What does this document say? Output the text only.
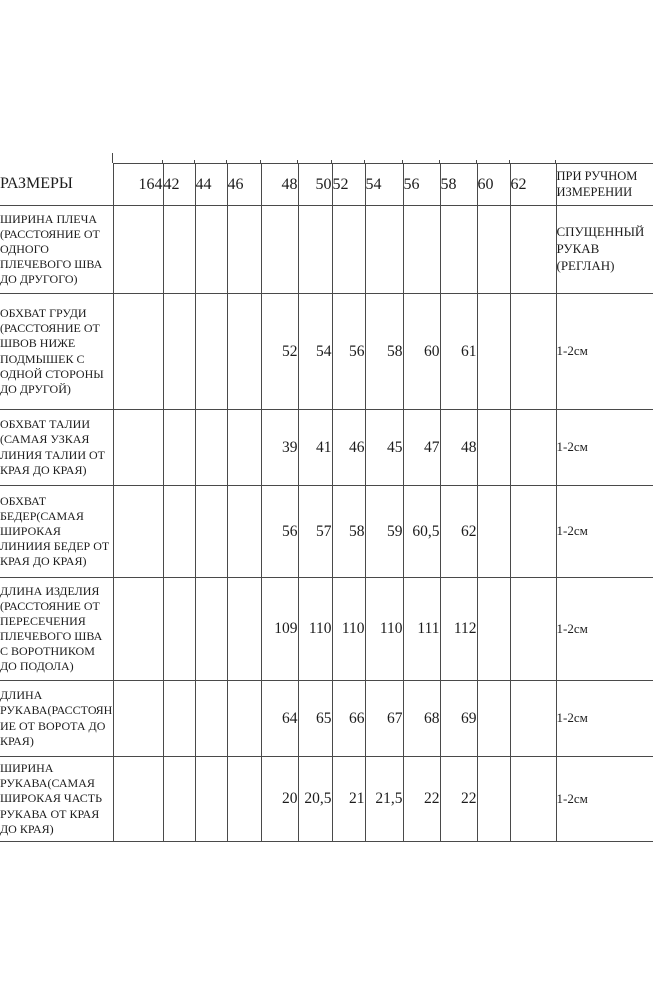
РАЗМЕРЫ	164	42	44	46	48	50	52	54	56	58	60	62	ПРИ РУЧНОМ ИЗМЕРЕНИИ
ШИРИНА ПЛЕЧА (РАССТОЯНИЕ ОТ ОДНОГО ПЛЕЧЕВОГО ШВА ДО ДРУГОГО)													СПУЩЕННЫЙ РУКАВ (РЕГЛАН)
ОБХВАТ ГРУДИ (РАССТОЯНИЕ ОТ ШВОВ НИЖЕ ПОДМЫШЕК С ОДНОЙ СТОРОНЫ ДО ДРУГОЙ)					52	54	56	58	60	61			1-2см
ОБХВАТ ТАЛИИ (САМАЯ УЗКАЯ ЛИНИЯ ТАЛИИ ОТ КРАЯ ДО КРАЯ)					39	41	46	45	47	48			1-2см
ОБХВАТ БЕДЕР(САМАЯ ШИРОКАЯ ЛИНИИЯ БЕДЕР ОТ КРАЯ ДО КРАЯ)					56	57	58	59	60,5	62			1-2см
ДЛИНА ИЗДЕЛИЯ (РАССТОЯНИЕ ОТ ПЕРЕСЕЧЕНИЯ ПЛЕЧЕВОГО ШВА С ВОРОТНИКОМ ДО ПОДОЛА)					109	110	110	110	111	112			1-2см
ДЛИНА РУКАВА(РАССТОЯНИЕ ОТ ВОРОТА ДО КРАЯ)					64	65	66	67	68	69			1-2см
ШИРИНА РУКАВА(САМАЯ ШИРОКАЯ ЧАСТЬ РУКАВА ОТ КРАЯ ДО КРАЯ)					20	20,5	21	21,5	22	22			1-2см
